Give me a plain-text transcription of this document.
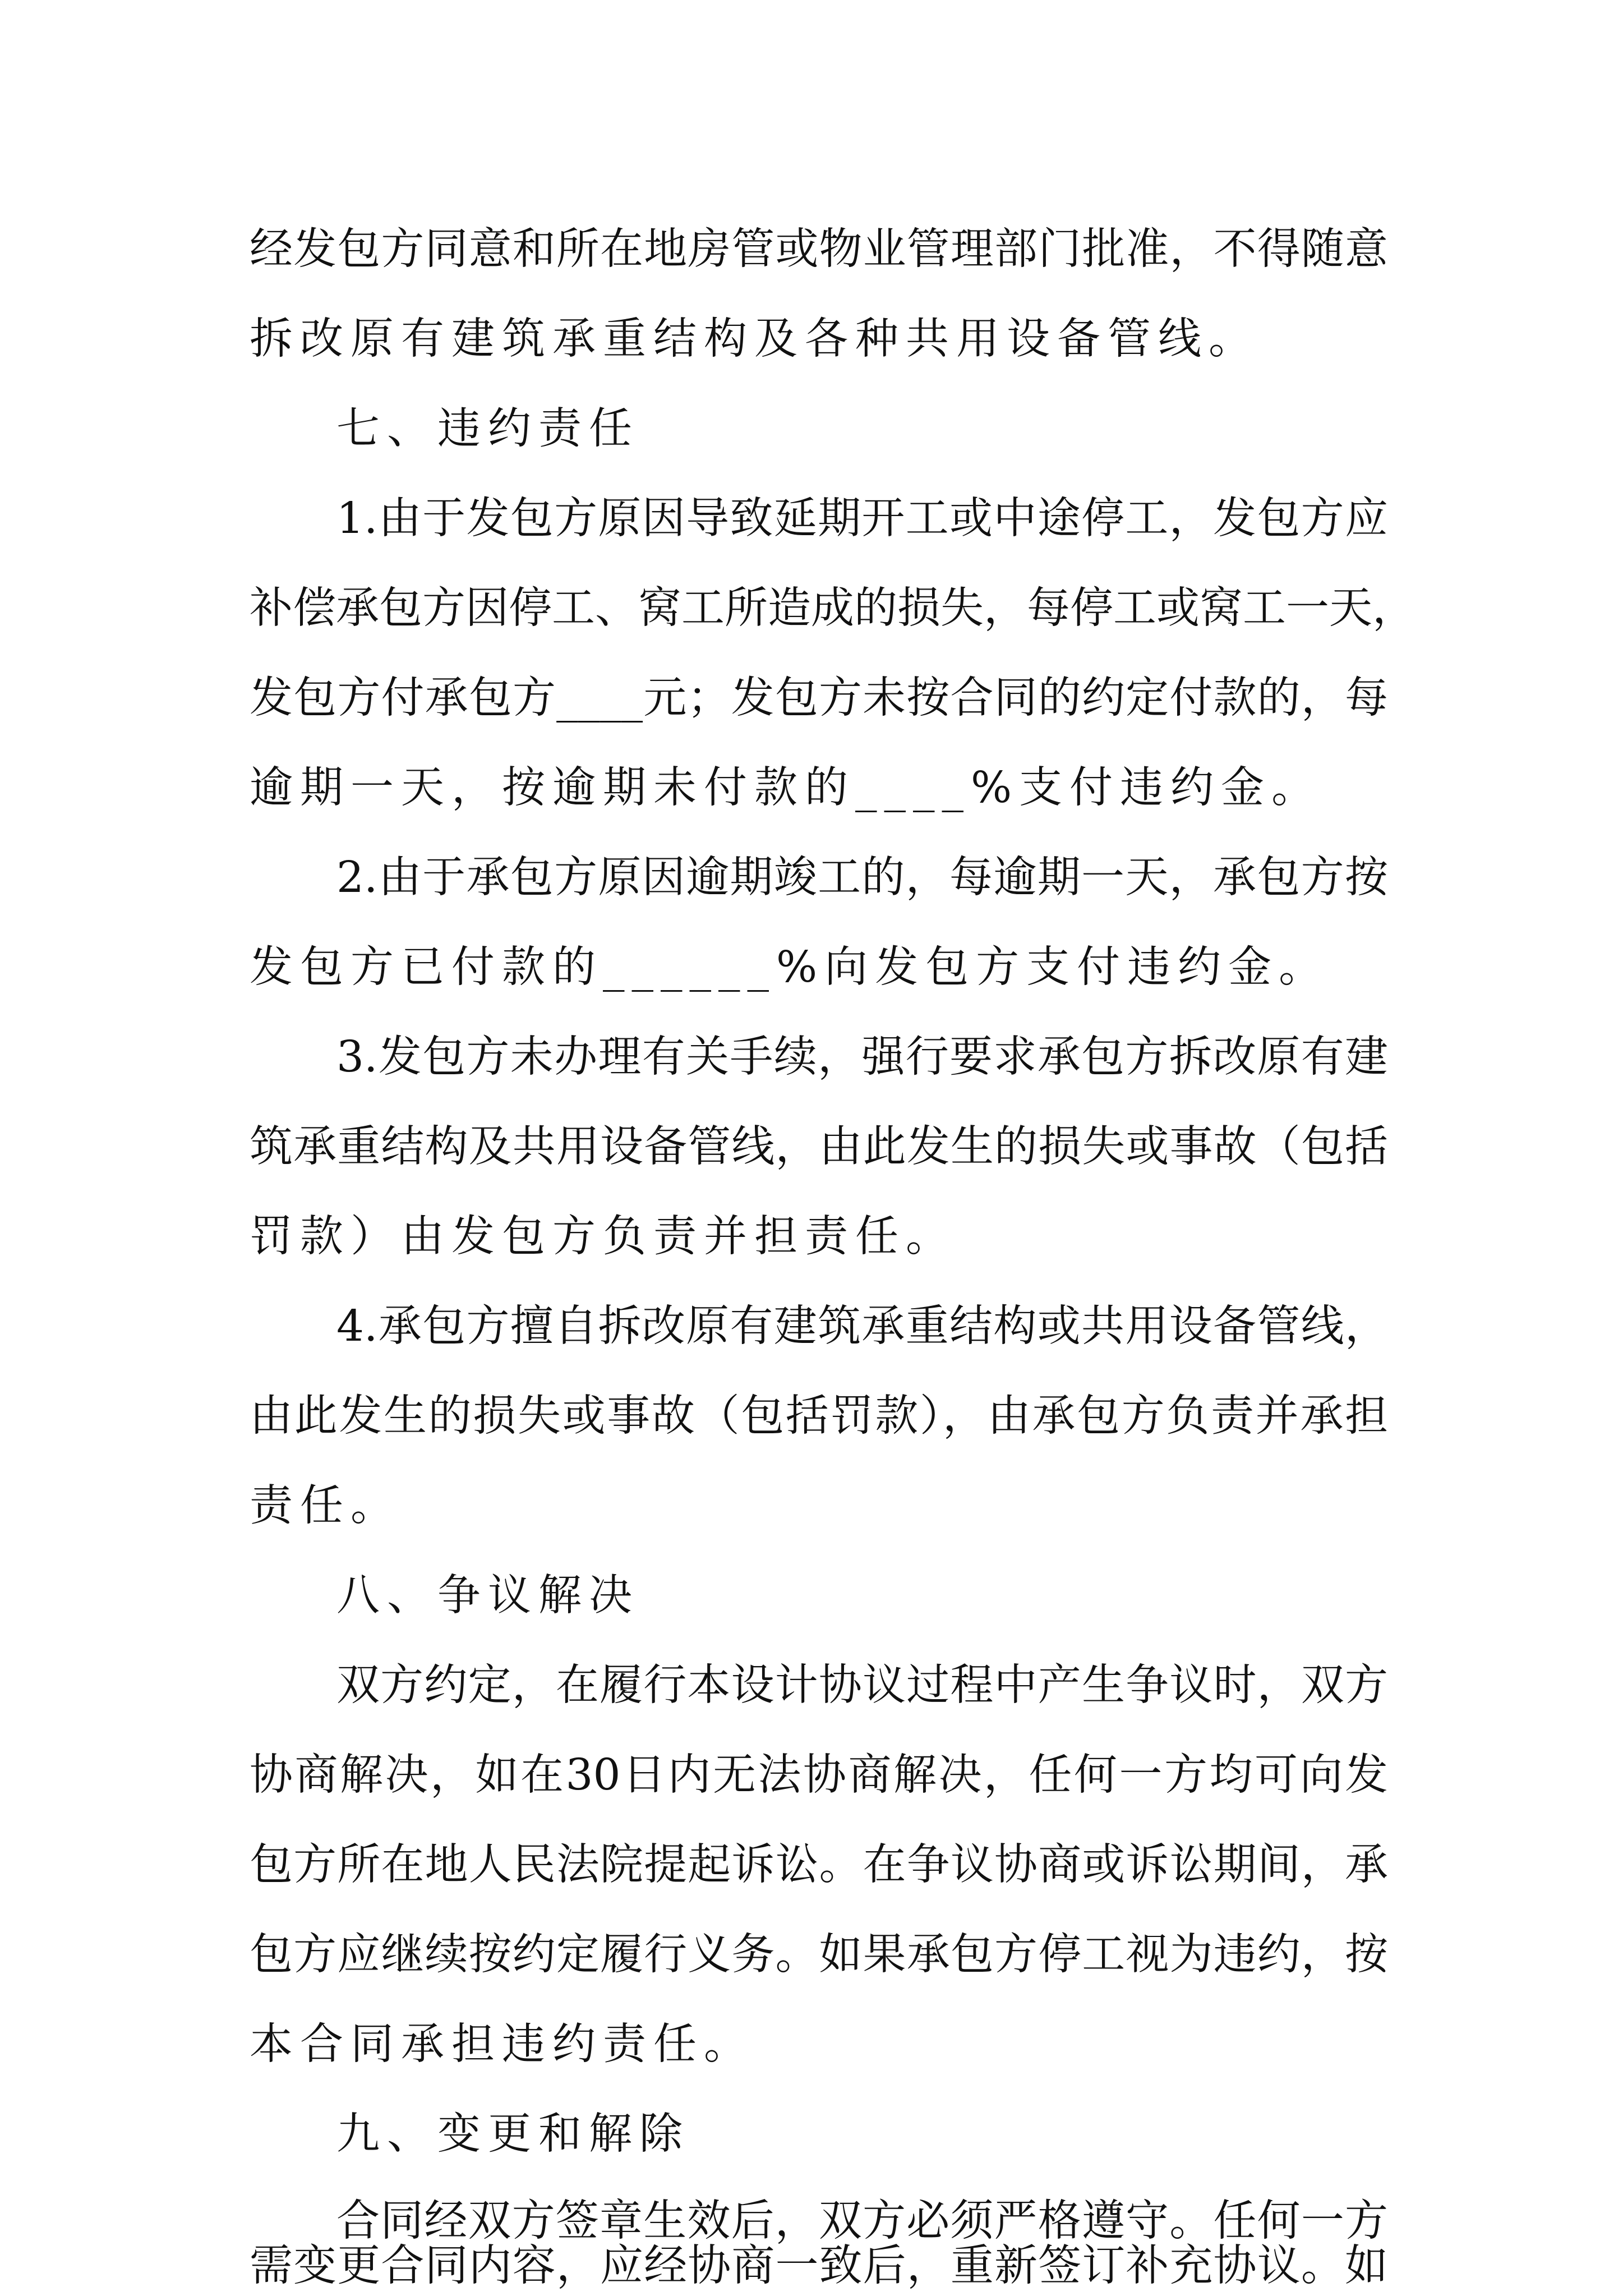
经发包方同意和所在地房管或物业管理部门批准，不得随意
拆改原有建筑承重结构及各种共用设备管线。
七、违约责任
1.由于发包方原因导致延期开工或中途停工，发包方应
补偿承包方因停工、窝工所造成的损失，每停工或窝工一天，
发包方付承包方____元；发包方未按合同的约定付款的，每
逾期一天，按逾期未付款的____%支付违约金。
2.由于承包方原因逾期竣工的，每逾期一天，承包方按
发包方已付款的______%向发包方支付违约金。
3.发包方未办理有关手续，强行要求承包方拆改原有建
筑承重结构及共用设备管线，由此发生的损失或事故（包括
罚款）由发包方负责并担责任。
4.承包方擅自拆改原有建筑承重结构或共用设备管线，
由此发生的损失或事故（包括罚款），由承包方负责并承担
责任。
八、争议解决
双方约定，在履行本设计协议过程中产生争议时，双方
协商解决，如在30日内无法协商解决，任何一方均可向发
包方所在地人民法院提起诉讼。在争议协商或诉讼期间，承
包方应继续按约定履行义务。如果承包方停工视为违约，按
本合同承担违约责任。
九、变更和解除
合同经双方签章生效后，双方必须严格遵守。任何一方
需变更合同内容，应经协商一致后，重新签订补充协议。如
